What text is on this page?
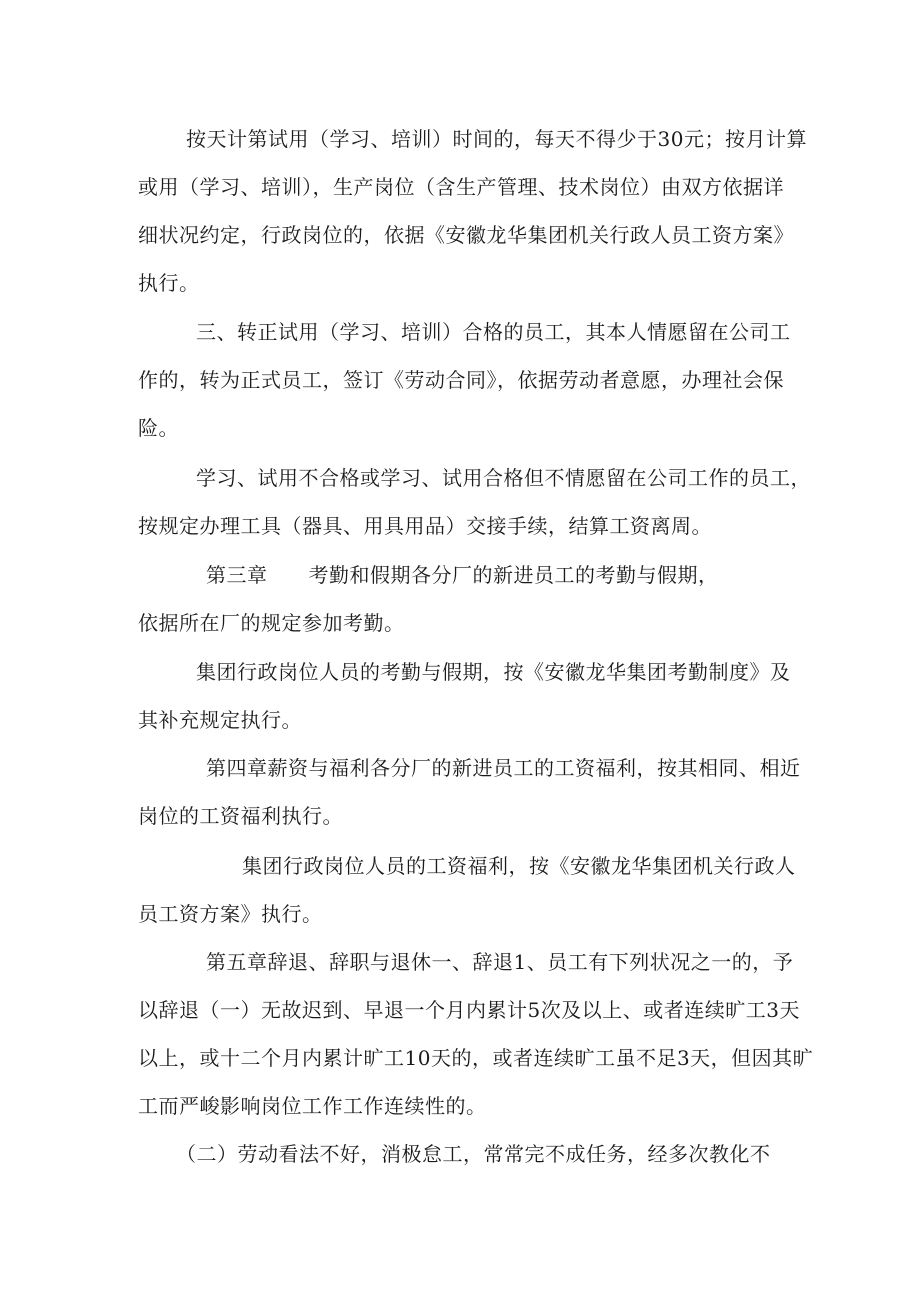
按天计第试用（学习、培训）时间的，每天不得少于30元；按月计算
或用（学习、培训），生产岗位（含生产管理、技术岗位）由双方依据详
细状况约定，行政岗位的，依据《安徽龙华集团机关行政人员工资方案》
执行。
三、转正试用（学习、培训）合格的员工，其本人情愿留在公司工
作的，转为正式员工，签订《劳动合同》，依据劳动者意愿，办理社会保
险。
学习、试用不合格或学习、试用合格但不情愿留在公司工作的员工，
按规定办理工具（器具、用具用品）交接手续，结算工资离周。
第三章　　考勤和假期各分厂的新进员工的考勤与假期，
依据所在厂的规定参加考勤。
集团行政岗位人员的考勤与假期，按《安徽龙华集团考勤制度》及
其补充规定执行。
第四章薪资与福利各分厂的新进员工的工资福利，按其相同、相近
岗位的工资福利执行。
集团行政岗位人员的工资福利，按《安徽龙华集团机关行政人
员工资方案》执行。
第五章辞退、辞职与退休一、辞退1、员工有下列状况之一的，予
以辞退（一）无故迟到、早退一个月内累计5次及以上、或者连续旷工3天
以上，或十二个月内累计旷工10天的，或者连续旷工虽不足3天，但因其旷
工而严峻影响岗位工作工作连续性的。
（二）劳动看法不好，消极怠工，常常完不成任务，经多次教化不
